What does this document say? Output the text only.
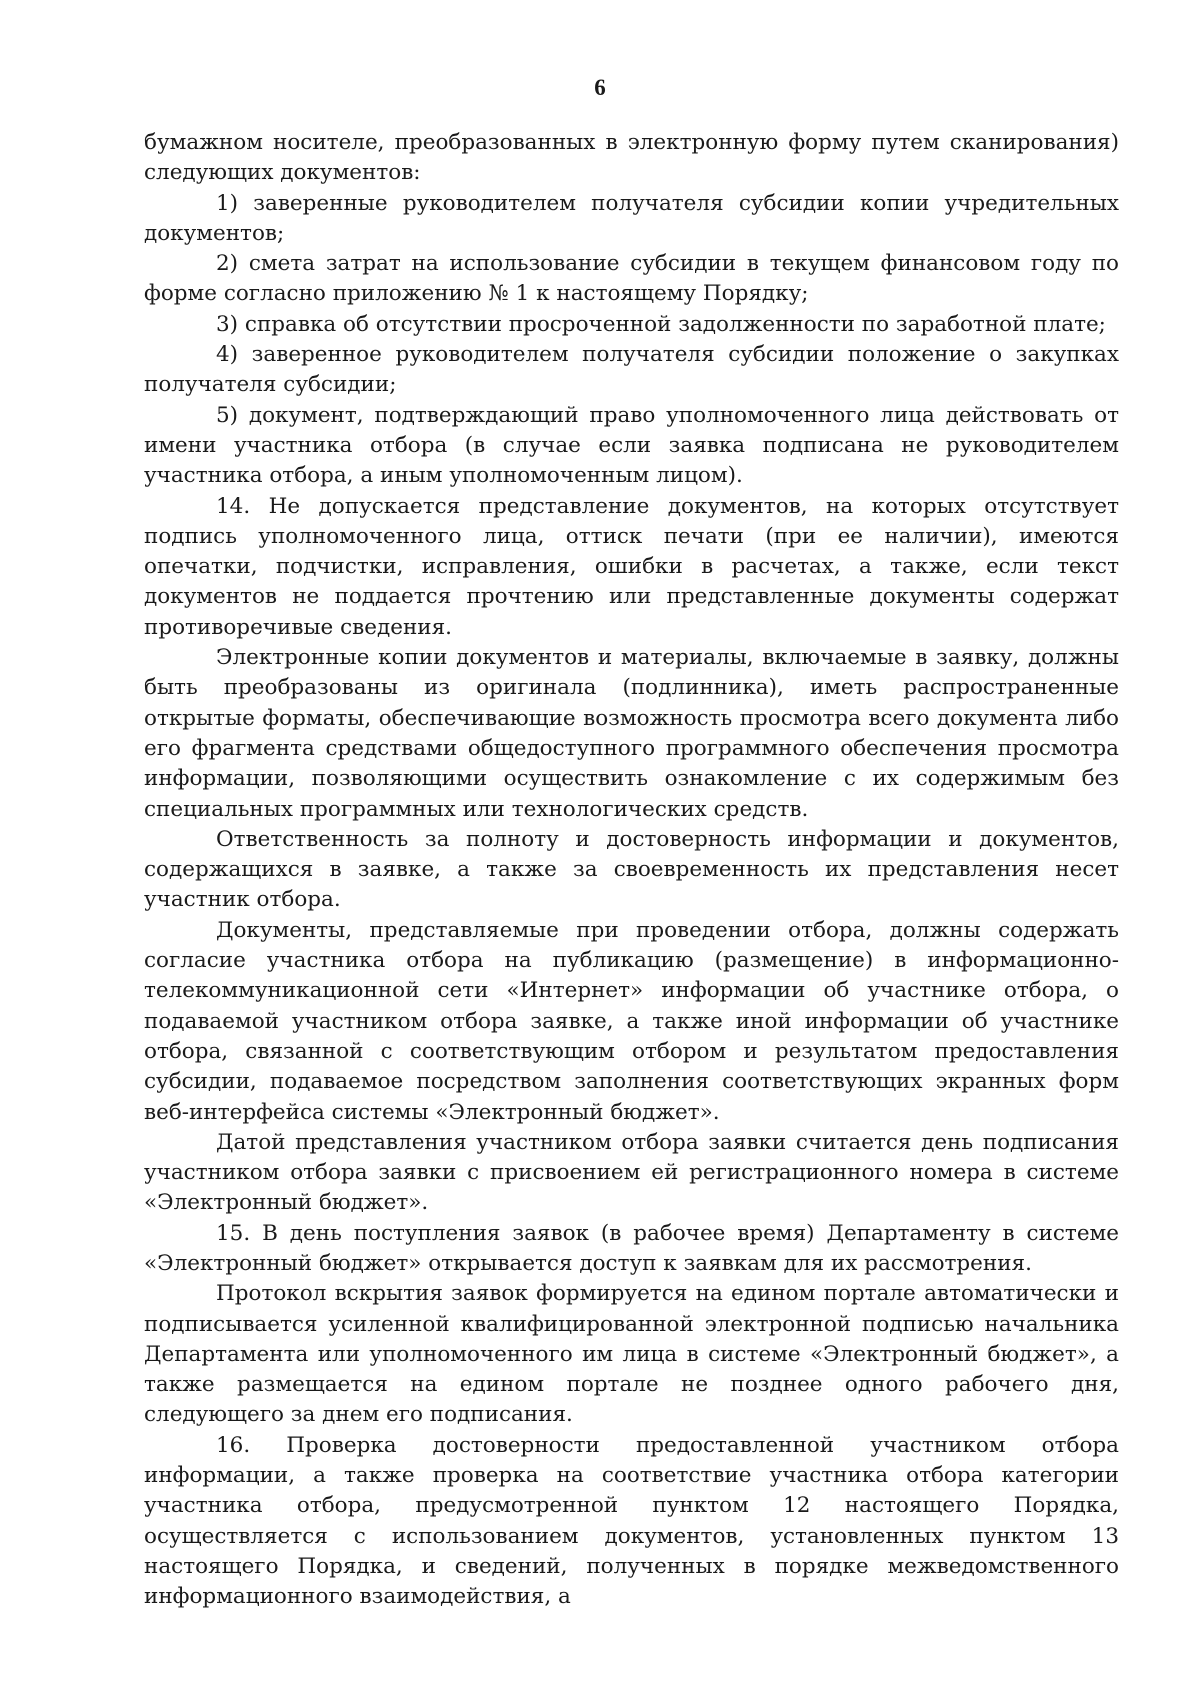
6

бумажном носителе, преобразованных в электронную форму путем сканирования) следующих документов:

1) заверенные руководителем получателя субсидии копии учредительных документов;

2) смета затрат на использование субсидии в текущем финансовом году по форме согласно приложению № 1 к настоящему Порядку;

3) справка об отсутствии просроченной задолженности по заработной плате;

4) заверенное руководителем получателя субсидии положение о закупках получателя субсидии;

5) документ, подтверждающий право уполномоченного лица действовать от имени участника отбора (в случае если заявка подписана не руководителем участника отбора, а иным уполномоченным лицом).

14. Не допускается представление документов, на которых отсутствует подпись уполномоченного лица, оттиск печати (при ее наличии), имеются опечатки, подчистки, исправления, ошибки в расчетах, а также, если текст документов не поддается прочтению или представленные документы содержат противоречивые сведения.

Электронные копии документов и материалы, включаемые в заявку, должны быть преобразованы из оригинала (подлинника), иметь распространенные открытые форматы, обеспечивающие возможность просмотра всего документа либо его фрагмента средствами общедоступного программного обеспечения просмотра информации, позволяющими осуществить ознакомление с их содержимым без специальных программных или технологических средств.

Ответственность за полноту и достоверность информации и документов, содержащихся в заявке, а также за своевременность их представления несет участник отбора.

Документы, представляемые при проведении отбора, должны содержать согласие участника отбора на публикацию (размещение) в информационно-телекоммуникационной сети «Интернет» информации об участнике отбора, о подаваемой участником отбора заявке, а также иной информации об участнике отбора, связанной с соответствующим отбором и результатом предоставления субсидии, подаваемое посредством заполнения соответствующих экранных форм веб-интерфейса системы «Электронный бюджет».

Датой представления участником отбора заявки считается день подписания участником отбора заявки с присвоением ей регистрационного номера в системе «Электронный бюджет».

15. В день поступления заявок (в рабочее время) Департаменту в системе «Электронный бюджет» открывается доступ к заявкам для их рассмотрения.

Протокол вскрытия заявок формируется на едином портале автоматически и подписывается усиленной квалифицированной электронной подписью начальника Департамента или уполномоченного им лица в системе «Электронный бюджет», а также размещается на едином портале не позднее одного рабочего дня, следующего за днем его подписания.

16. Проверка достоверности предоставленной участником отбора информации, а также проверка на соответствие участника отбора категории участника отбора, предусмотренной пунктом 12 настоящего Порядка, осуществляется с использованием документов, установленных пунктом 13 настоящего Порядка, и сведений, полученных в порядке межведомственного информационного взаимодействия, а
